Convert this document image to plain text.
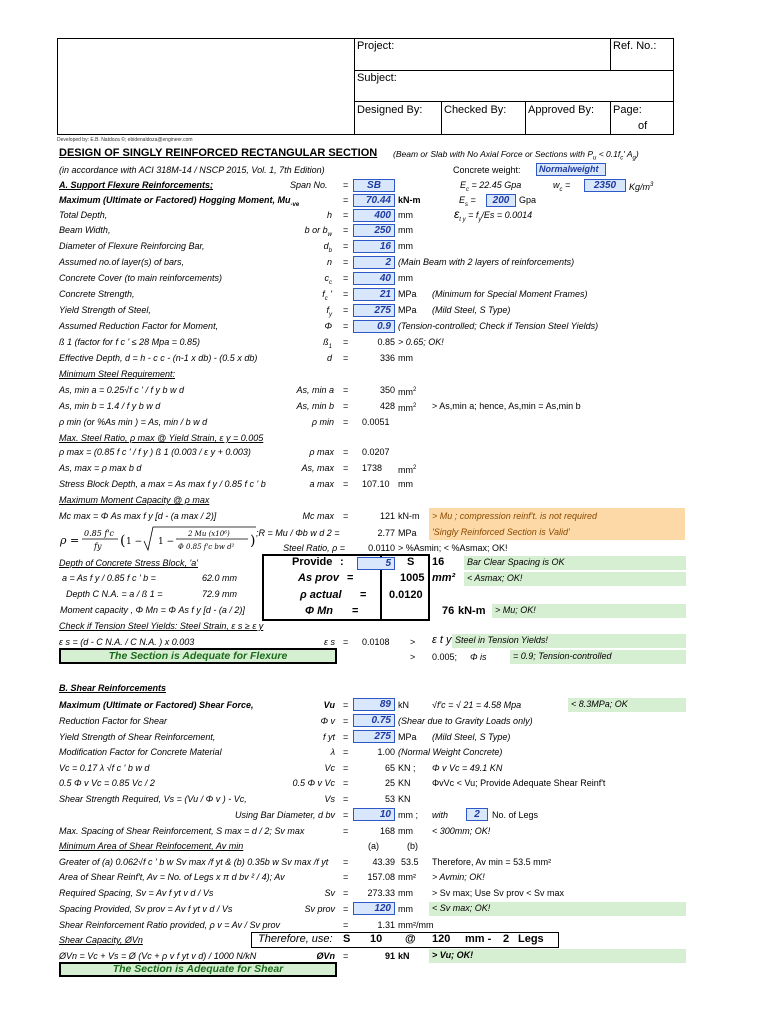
Project:	Ref. No.:
Subject:
Designed By: Checked By: Approved By: Page:
of
Developed by: E.B. Natdoza ©; ebidenaldoza@engineer.com
DESIGN OF SINGLY REINFORCED RECTANGULAR SECTION (Beam or Slab with No Axial Force or Sections with $P_u < 0.1f_c'$ $A_g$)
(in accordance with ACI 318M-14 / NSCP 2015, Vol. 1, 7th Edition)	Concrete weight:	Normalweight
A. Support Flexure Reinforcements;	Span No. =	SB	$E_c = 22.45$ Gpa	$w_c$ =	2350	$Kg/m^3$
$E_s$ =	200	Gpa
$\varepsilon_{t y} = f_y/Es = 0.0014$
Maximum (Ultimate or Factored) Hogging Moment, $Mu_{-ve}$	=	70.44 kN-m
Total Depth,	h =	400 mm
Beam Width,	b or $b_w$ =	250 mm
Diameter of Flexure Reinforcing Bar,	$d_b$ =	16 mm
Assumed no.of layer(s) of bars,	n =	2 (Main Beam with 2 layers of reinforcements)
Concrete Cover (to main reinforcements)	$c_c$ =	40 mm
Concrete Strength,	$f_c$ ' =	21 MPa (Minimum for Special Moment Frames)
Yield Strength of Steel,	$f_y$ =	275 MPa (Mild Steel, S Type)
Assumed Reduction Factor for Moment,	Φ =	0.9 (Tension-controlled; Check if Tension Steel Yields)
ß 1 (factor for f c ' ≤ 28 Mpa = 0.85)	$ß_1$ =	0.85 > 0.65; OK!
Effective Depth, d = h - c c - (n-1 x db) - (0.5 x db)	d =	336 mm
Minimum Steel Requirement:
As, min a = 0.25√f c ' / f y b w d	As, min a =	350 $mm^2$
As, min b = 1.4 / f y b w d	As, min b =	428 $mm^2 > As,\min$ a; hence, As,min = As,min b
ρ min (or %As min ) = As, min / b w d	ρ min = 0.0051
Max. Steel Ratio, ρ max @ Yield Strain, ε y = 0.005
ρ max = (0.85 f c ' / f y ) ß 1 (0.003 / ε y + 0.003)	ρ max = 0.0207
As, max = ρ max b d	As, max = 1738 $mm^2$
Stress Block Depth, a max = As max f y / 0.85 f c ' b	a max = 107.10 mm
Maximum Moment Capacity @ ρ max
Mc max = Φ As max f y [d - (a max / 2)]	Mc max =	121 kN-m	> Mu ; compression reinf't. is not required
ρ =
0.85 f'c
fy ( 1 − 1 −
2 Mu (x10⁶)
Φ 0.85 f'c bw d² ) ;R = Mu / Φb w d 2 =	2.77 MPa	'Singly Reinforced Section is Valid'
Steel Ratio, ρ =	0.0110 > %Asmin; < %Asmax; OK!
Depth of Concrete Stress Block, 'a'
a = As f y / 0.85 f c ' b =	62.0 mm
Depth C N.A. = a / ß 1 =	72.9 mm
Moment capacity , Φ Mn = Φ As f y [d - (a / 2)]
Provide :	5	S 16	Bar Clear Spacing is OK
As prov =	1005 mm²	< Asmax; OK!
ρ actual = 0.0120
Φ Mn =	76 kN-m	> Mu; OK!
Check if Tension Steel Yields: Steel Strain, ε s ≥ ε y
ε s = (d - C N.A. / C N.A. ) x 0.003	ε s = 0.0108 > ε t y Steel in Tension Yields!
The Section is Adequate for Flexure	> 0.005; Φ is	= 0.9; Tension-controlled
B. Shear Reinforcements
Maximum (Ultimate or Factored) Shear Force,	Vu =	89 kN	√f'c = √ 21 = 4.58 Mpa	< 8.3MPa; OK
Reduction Factor for Shear	Φ v =	0.75 (Shear due to Gravity Loads only)
Yield Strength of Shear Reinforcement,	f yt =	275 MPa (Mild Steel, S Type)
Modification Factor for Concrete Material	λ =	1.00 (Normal Weight Concrete)
Vc = 0.17 λ √f c ' b w d	Vc =	65 KN ; Φ v Vc = 49.1 KN
0.5 Φ v Vc = 0.85 Vc / 2	0.5 Φ v Vc =	25 KN ΦvVc < Vu; Provide Adequate Shear Reinf't
Shear Strength Required, Vs = (Vu / Φ v ) - Vc,	Vs =	53 KN
Using Bar Diameter, d bv =	10 mm ; with	2	No. of Legs
Max. Spacing of Shear Reinforcement, S max = d / 2; Sv max	=	168 mm < 300mm; OK!
Minimum Area of Shear Reinfocement, Av min	(a)	(b)
Greater of (a) 0.062√f c ' b w Sv max /f yt & (b) 0.35b w Sv max /f yt =	43.39 53.5 Therefore, Av min = 53.5 mm²
Area of Shear Reinf't, Av = No. of Legs x π d bv ² / 4); Av	=	157.08 mm² > Avmin; OK!
Required Spacing, Sv = Av f yt v d / Vs	Sv =	273.33 mm > Sv max; Use Sv prov < Sv max
Spacing Provided, Sv prov = Av f yt v d / Vs	Sv prov =	120 mm	< Sv max; OK!
Shear Reinforcement Ratio provided, ρ v = Av / Sv prov	=	1.31 mm²/mm
Shear Capacity, ØVn	Therefore, use: S 10 @ 120 mm - 2 Legs
ØVn = Vc + Vs = Ø (Vc + ρ v f yt v d) / 1000 N/kN	ØVn =	91 kN	> Vu; OK!
The Section is Adequate for Shear
